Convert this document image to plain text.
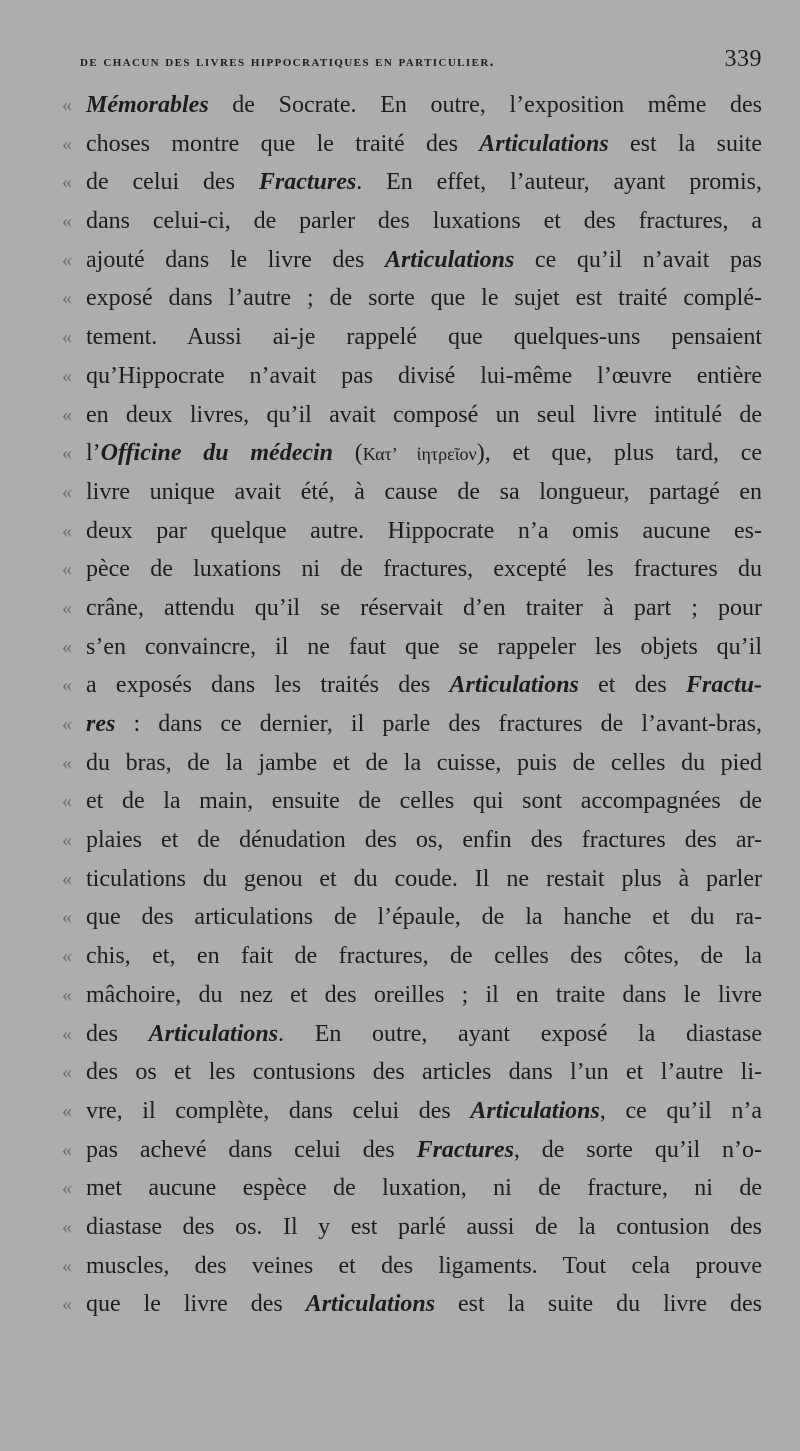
de chacun des livres hippocratiques en particulier.	339
« Mémorables de Socrate. En outre, l’exposition même des
« choses montre que le traité des Articulations est la suite
« de celui des Fractures. En effet, l’auteur, ayant promis,
« dans celui-ci, de parler des luxations et des fractures, a
« ajouté dans le livre des Articulations ce qu’il n’avait pas
« exposé dans l’autre ; de sorte que le sujet est traité complé-
« tement. Aussi ai-je rappelé que quelques-uns pensaient
« qu’Hippocrate n’avait pas divisé lui-même l’œuvre entière
« en deux livres, qu’il avait composé un seul livre intitulé de
« l’Officine du médecin (Κατ’ ἰητρεῖον), et que, plus tard, ce
« livre unique avait été, à cause de sa longueur, partagé en
« deux par quelque autre. Hippocrate n’a omis aucune es-
« pèce de luxations ni de fractures, excepté les fractures du
« crâne, attendu qu’il se réservait d’en traiter à part ; pour
« s’en convaincre, il ne faut que se rappeler les objets qu’il
« a exposés dans les traités des Articulations et des Fractu-
« res : dans ce dernier, il parle des fractures de l’avant-bras,
« du bras, de la jambe et de la cuisse, puis de celles du pied
« et de la main, ensuite de celles qui sont accompagnées de
« plaies et de dénudation des os, enfin des fractures des ar-
« ticulations du genou et du coude. Il ne restait plus à parler
« que des articulations de l’épaule, de la hanche et du ra-
« chis, et, en fait de fractures, de celles des côtes, de la
« mâchoire, du nez et des oreilles ; il en traite dans le livre
« des Articulations. En outre, ayant exposé la diastase
« des os et les contusions des articles dans l’un et l’autre li-
« vre, il complète, dans celui des Articulations, ce qu’il n’a
« pas achevé dans celui des Fractures, de sorte qu’il n’o-
« met aucune espèce de luxation, ni de fracture, ni de
« diastase des os. Il y est parlé aussi de la contusion des
« muscles, des veines et des ligaments. Tout cela prouve
« que le livre des Articulations est la suite du livre des
